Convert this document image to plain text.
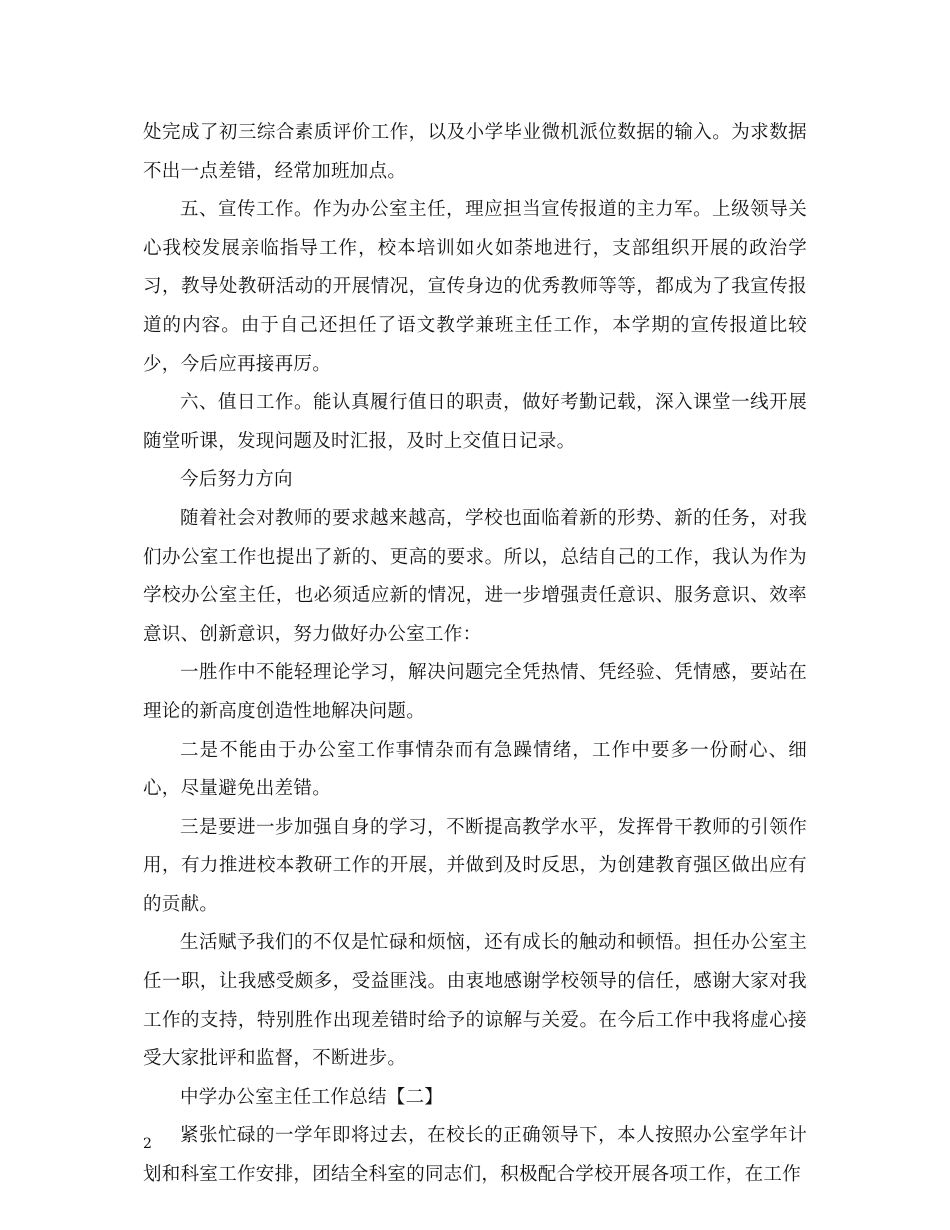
处完成了初三综合素质评价工作，以及小学毕业微机派位数据的输入。为求数据不出一点差错，经常加班加点。

五、宣传工作。作为办公室主任，理应担当宣传报道的主力军。上级领导关心我校发展亲临指导工作，校本培训如火如荼地进行，支部组织开展的政治学习，教导处教研活动的开展情况，宣传身边的优秀教师等等，都成为了我宣传报道的内容。由于自己还担任了语文教学兼班主任工作，本学期的宣传报道比较少，今后应再接再厉。

六、值日工作。能认真履行值日的职责，做好考勤记载，深入课堂一线开展随堂听课，发现问题及时汇报，及时上交值日记录。

今后努力方向

随着社会对教师的要求越来越高，学校也面临着新的形势、新的任务，对我们办公室工作也提出了新的、更高的要求。所以，总结自己的工作，我认为作为学校办公室主任，也必须适应新的情况，进一步增强责任意识、服务意识、效率意识、创新意识，努力做好办公室工作：

一胜作中不能轻理论学习，解决问题完全凭热情、凭经验、凭情感，要站在理论的新高度创造性地解决问题。

二是不能由于办公室工作事情杂而有急躁情绪，工作中要多一份耐心、细心，尽量避免出差错。

三是要进一步加强自身的学习，不断提高教学水平，发挥骨干教师的引领作用，有力推进校本教研工作的开展，并做到及时反思，为创建教育强区做出应有的贡献。

生活赋予我们的不仅是忙碌和烦恼，还有成长的触动和顿悟。担任办公室主任一职，让我感受颇多，受益匪浅。由衷地感谢学校领导的信任，感谢大家对我工作的支持，特别胜作出现差错时给予的谅解与关爱。在今后工作中我将虚心接受大家批评和监督，不断进步。

中学办公室主任工作总结【二】

紧张忙碌的一学年即将过去，在校长的正确领导下，本人按照办公室学年计划和科室工作安排，团结全科室的同志们，积极配合学校开展各项工作，在工作

2
